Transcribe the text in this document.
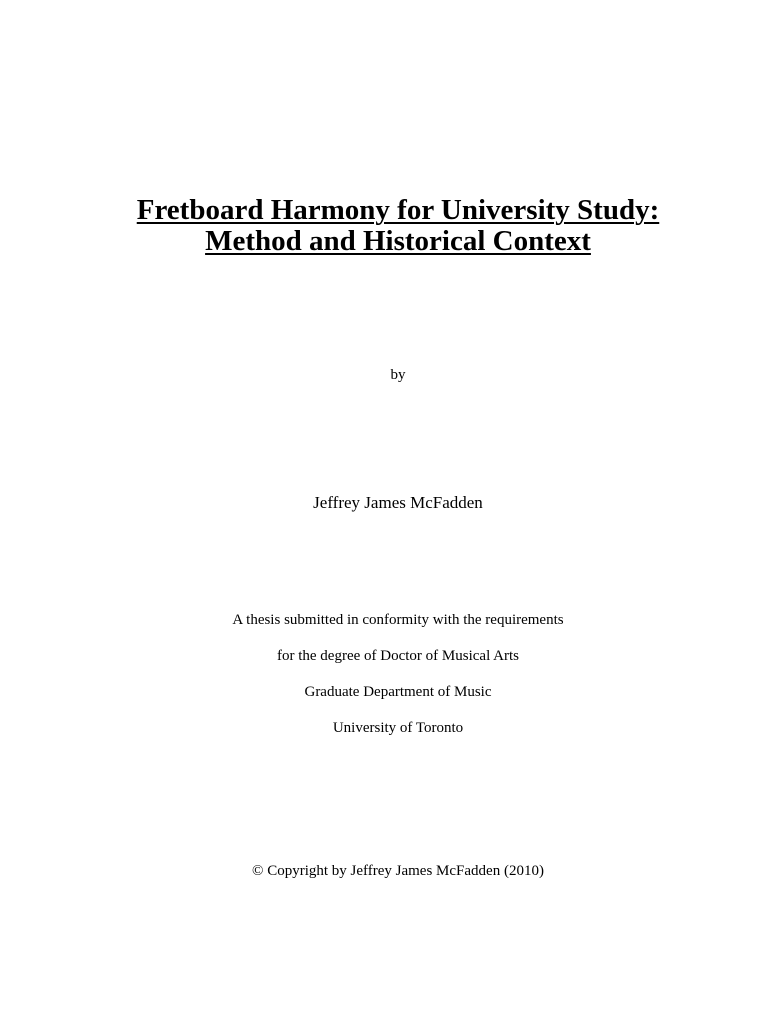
Fretboard Harmony for University Study:
Method and Historical Context
by
Jeffrey James McFadden
A thesis submitted in conformity with the requirements
for the degree of Doctor of Musical Arts
Graduate Department of Music
University of Toronto
© Copyright by Jeffrey James McFadden (2010)
